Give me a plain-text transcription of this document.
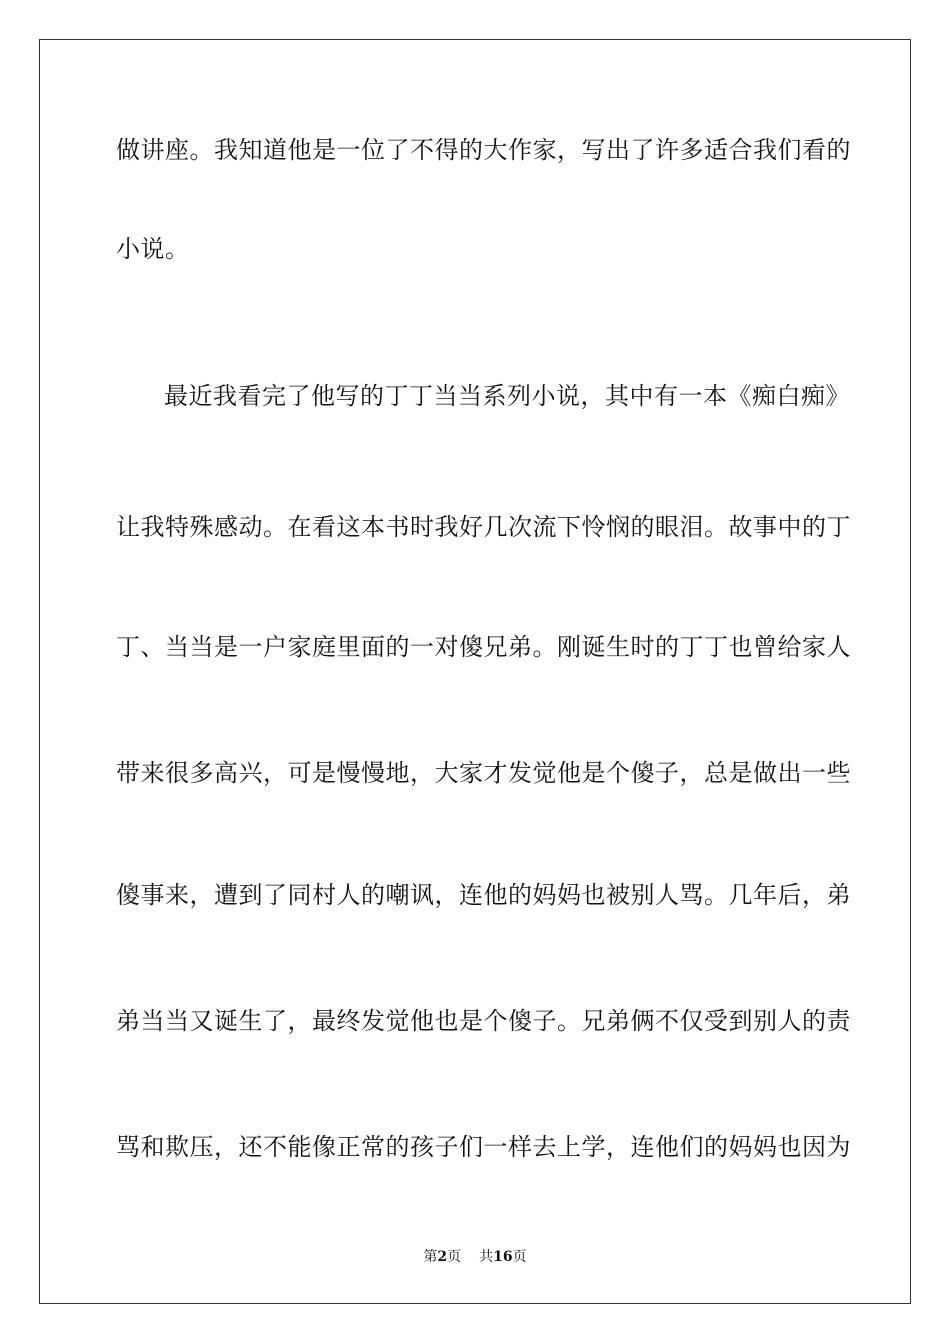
做讲座。我知道他是一位了不得的大作家，写出了许多适合我们看的
小说。
最近我看完了他写的丁丁当当系列小说，其中有一本《痴白痴》
让我特殊感动。在看这本书时我好几次流下怜悯的眼泪。故事中的丁
丁、当当是一户家庭里面的一对傻兄弟。刚诞生时的丁丁也曾给家人
带来很多高兴，可是慢慢地，大家才发觉他是个傻子，总是做出一些
傻事来，遭到了同村人的嘲讽，连他的妈妈也被别人骂。几年后，弟
弟当当又诞生了，最终发觉他也是个傻子。兄弟俩不仅受到别人的责
骂和欺压，还不能像正常的孩子们一样去上学，连他们的妈妈也因为
第2页 共16页
